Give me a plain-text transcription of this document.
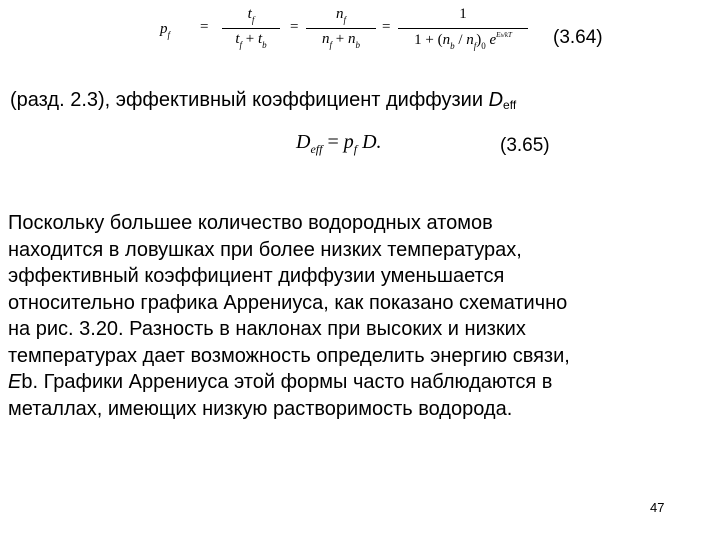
$p_f$ =
$t_f$
$t_f + t_b$
=
$n_f$
$n_f + n_b$
=
1
$1 + (n_b / n_f)_0$ $e^{Eb/kT}$	(3.64)
(разд. 2.3), эффективный коэффициент диффузии Deff
$D_{eff} = p_f$ D.	(3.65)
Поскольку большее количество водородных атомов
находится в ловушках при более низких температурах,
эффективный коэффициент диффузии уменьшается
относительно графика Аррениуса, как показано схематично
на рис. 3.20. Разность в наклонах при высоких и низких
температурах дает возможность определить энергию связи,
Eb. Графики Аррениуса этой формы часто наблюдаются в
металлах, имеющих низкую растворимость водорода.
47
